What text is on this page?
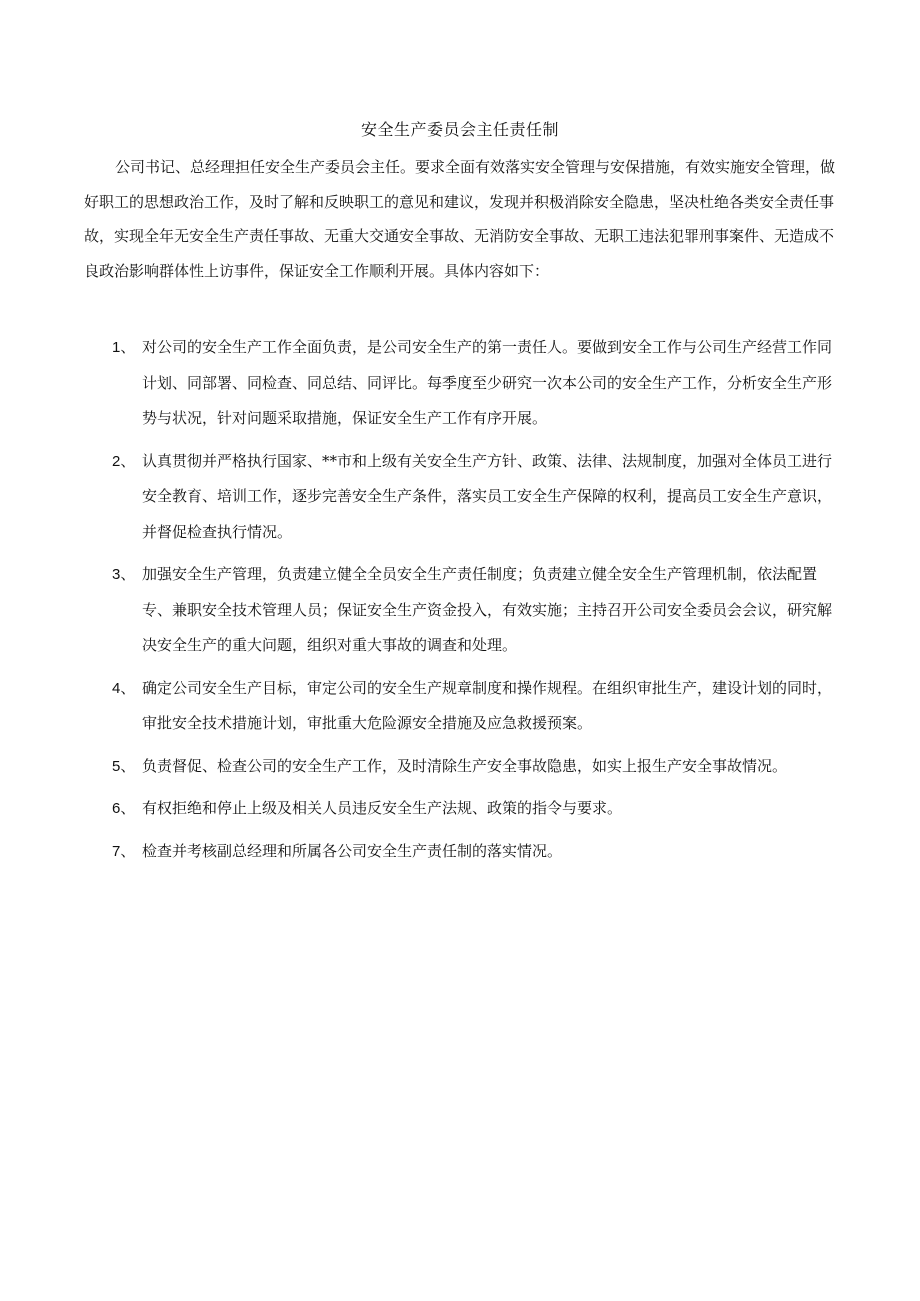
安全生产委员会主任责任制

公司书记、总经理担任安全生产委员会主任。要求全面有效落实安全管理与安保措施，有效实施安全管理，做好职工的思想政治工作，及时了解和反映职工的意见和建议，发现并积极消除安全隐患，坚决杜绝各类安全责任事故，实现全年无安全生产责任事故、无重大交通安全事故、无消防安全事故、无职工违法犯罪刑事案件、无造成不良政治影响群体性上访事件，保证安全工作顺利开展。具体内容如下：

1、 对公司的安全生产工作全面负责，是公司安全生产的第一责任人。要做到安全工作与公司生产经营工作同计划、同部署、同检查、同总结、同评比。每季度至少研究一次本公司的安全生产工作，分析安全生产形势与状况，针对问题采取措施，保证安全生产工作有序开展。

2、 认真贯彻并严格执行国家、**市和上级有关安全生产方针、政策、法律、法规制度，加强对全体员工进行安全教育、培训工作，逐步完善安全生产条件，落实员工安全生产保障的权利，提高员工安全生产意识，并督促检查执行情况。

3、 加强安全生产管理，负责建立健全全员安全生产责任制度；负责建立健全安全生产管理机制，依法配置专、兼职安全技术管理人员；保证安全生产资金投入，有效实施；主持召开公司安全委员会会议，研究解决安全生产的重大问题，组织对重大事故的调查和处理。

4、 确定公司安全生产目标，审定公司的安全生产规章制度和操作规程。在组织审批生产，建设计划的同时，审批安全技术措施计划，审批重大危险源安全措施及应急救援预案。

5、 负责督促、检查公司的安全生产工作，及时清除生产安全事故隐患，如实上报生产安全事故情况。

6、 有权拒绝和停止上级及相关人员违反安全生产法规、政策的指令与要求。

7、 检查并考核副总经理和所属各公司安全生产责任制的落实情况。
